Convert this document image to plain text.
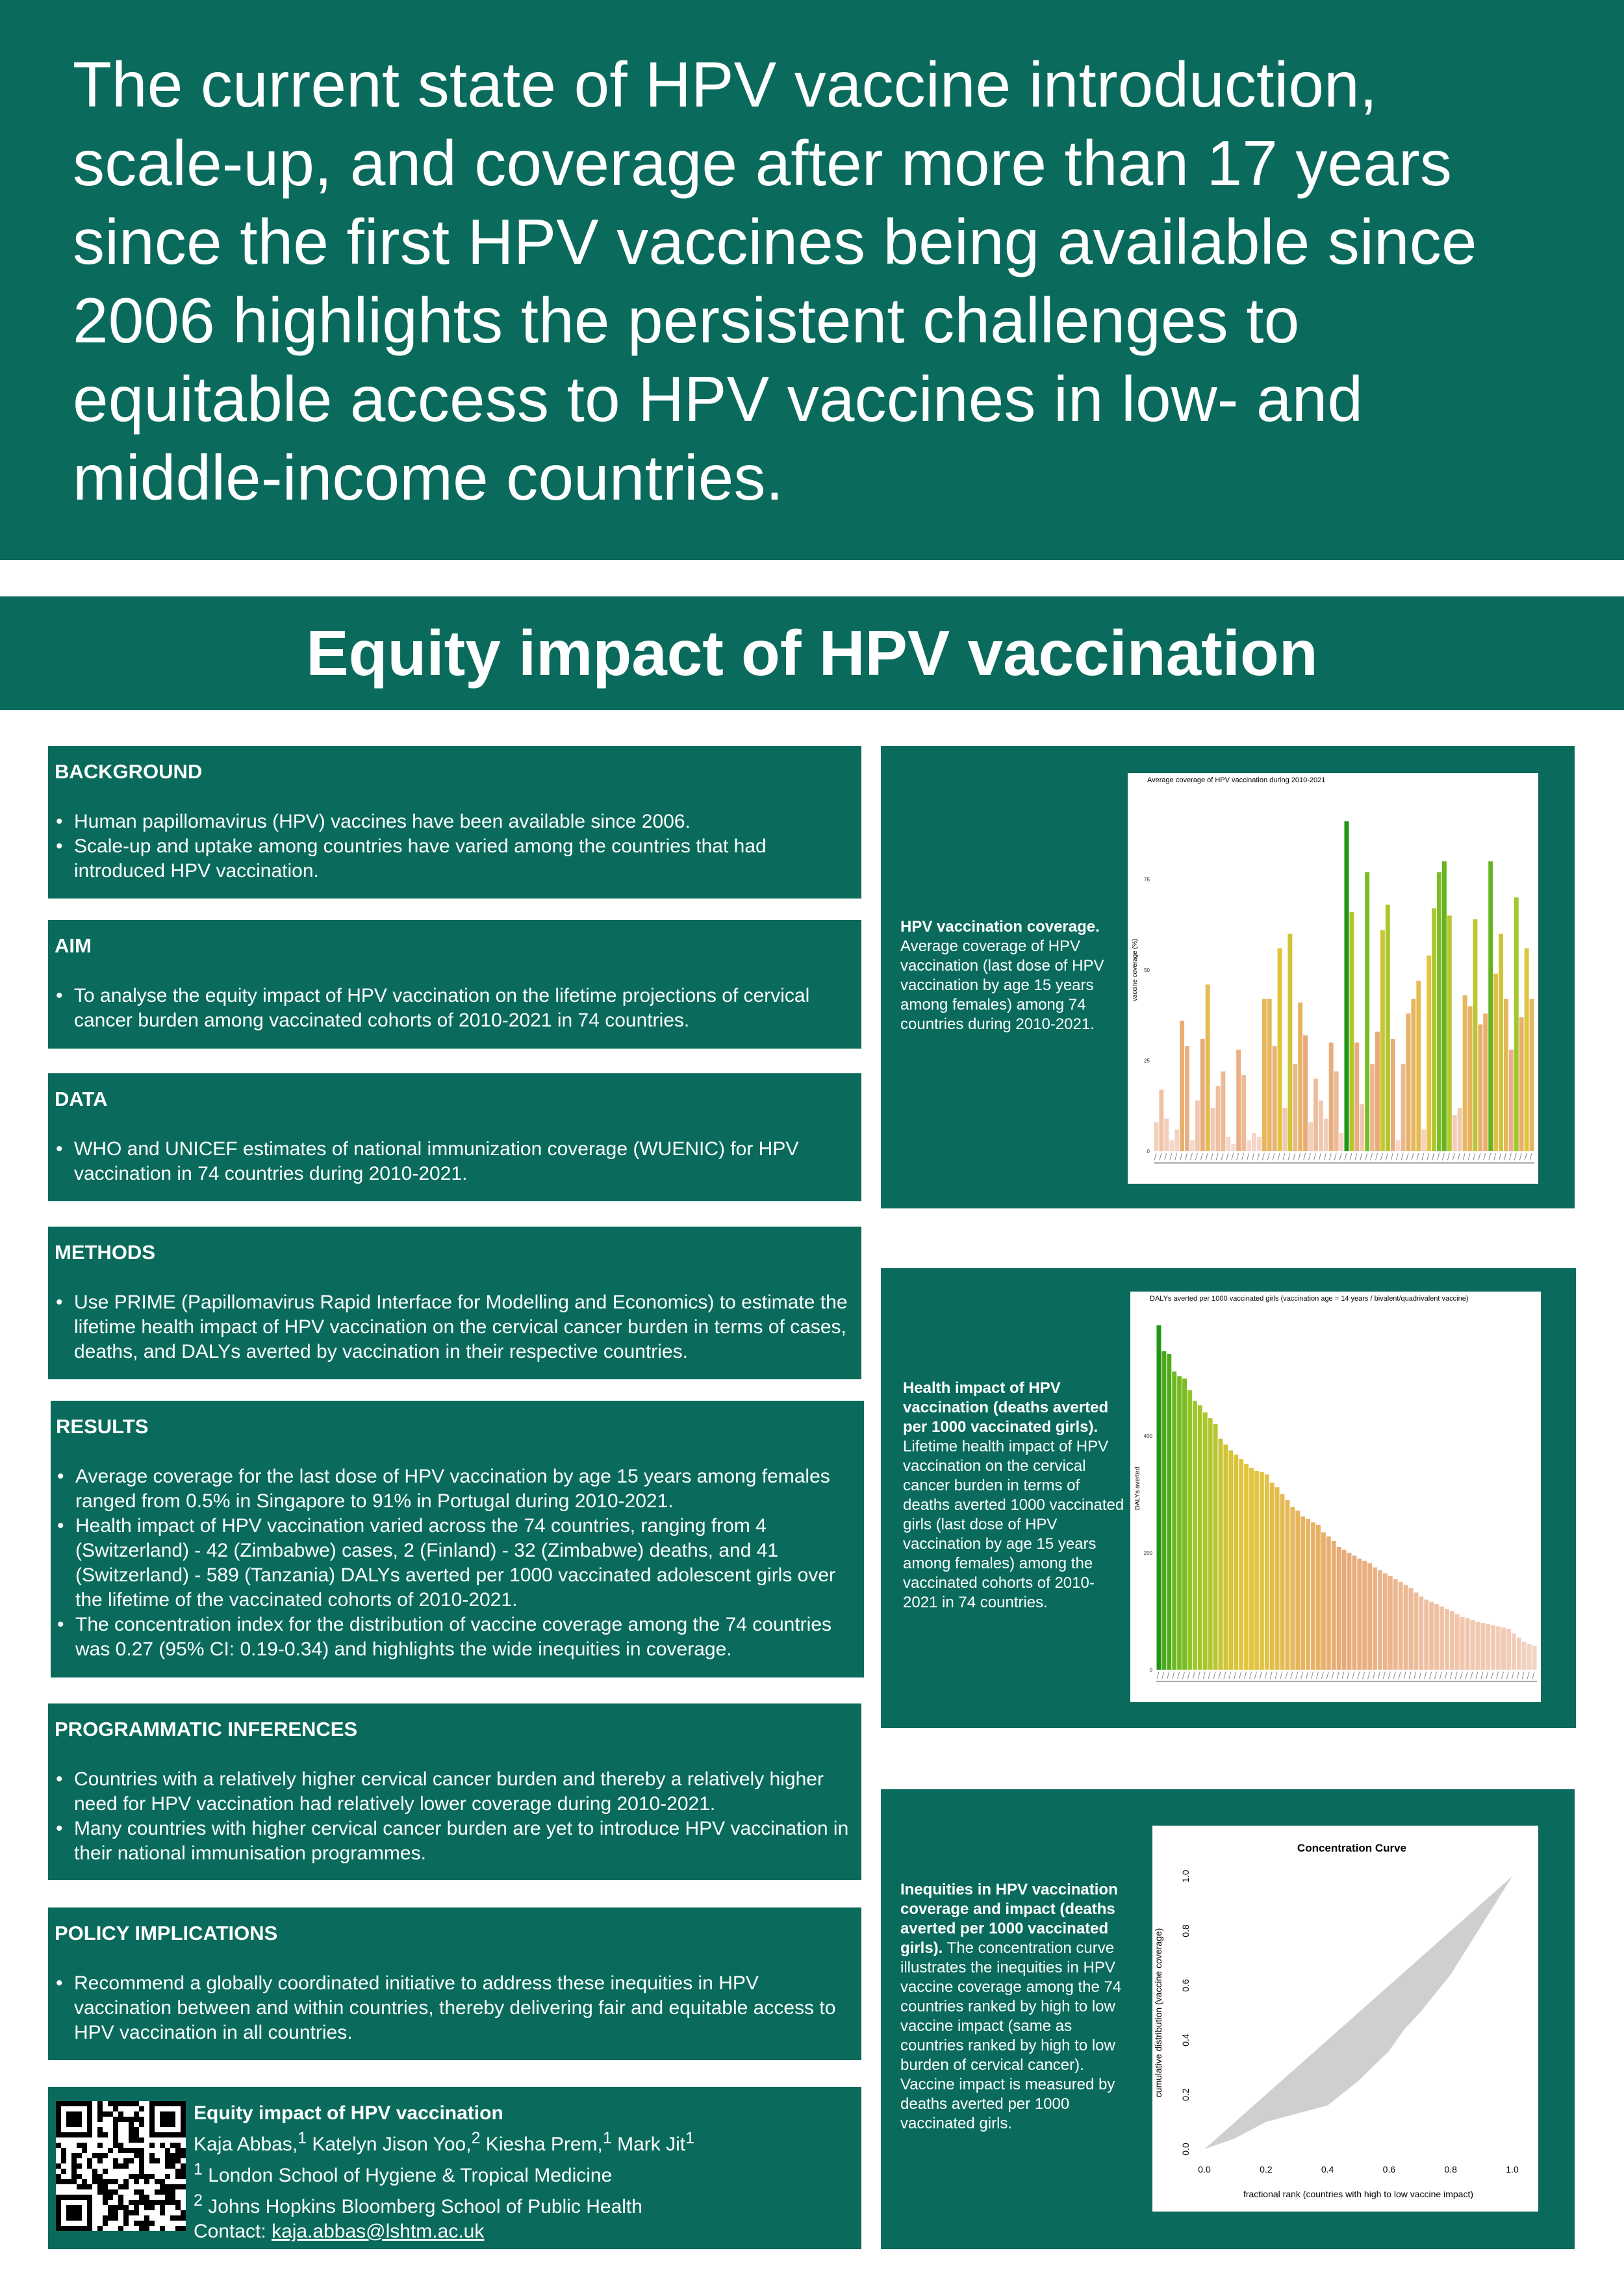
The current state of HPV vaccine introduction, scale-up, and coverage after more than 17 years since the first HPV vaccines being available since 2006 highlights the persistent challenges to equitable access to HPV vaccines in low- and middle-income countries.
Equity impact of HPV vaccination
BACKGROUND
• Human papillomavirus (HPV) vaccines have been available since 2006.
• Scale-up and uptake among countries have varied among the countries that had introduced HPV vaccination.
AIM
• To analyse the equity impact of HPV vaccination on the lifetime projections of cervical cancer burden among vaccinated cohorts of 2010-2021 in 74 countries.
DATA
• WHO and UNICEF estimates of national immunization coverage (WUENIC) for HPV vaccination in 74 countries during 2010-2021.
METHODS
• Use PRIME (Papillomavirus Rapid Interface for Modelling and Economics) to estimate the lifetime health impact of HPV vaccination on the cervical cancer burden in terms of cases, deaths, and DALYs averted by vaccination in their respective countries.
RESULTS
• Average coverage for the last dose of HPV vaccination by age 15 years among females ranged from 0.5% in Singapore to 91% in Portugal during 2010-2021.
• Health impact of HPV vaccination varied across the 74 countries, ranging from 4 (Switzerland) - 42 (Zimbabwe) cases, 2 (Finland) - 32 (Zimbabwe) deaths, and 41 (Switzerland) - 589 (Tanzania) DALYs averted per 1000 vaccinated adolescent girls over the lifetime of the vaccinated cohorts of 2010-2021.
• The concentration index for the distribution of vaccine coverage among the 74 countries was 0.27 (95% CI: 0.19-0.34) and highlights the wide inequities in coverage.
PROGRAMMATIC INFERENCES
• Countries with a relatively higher cervical cancer burden and thereby a relatively higher need for HPV vaccination had relatively lower coverage during 2010-2021.
• Many countries with higher cervical cancer burden are yet to introduce HPV vaccination in their national immunisation programmes.
POLICY IMPLICATIONS
• Recommend a globally coordinated initiative to address these inequities in HPV vaccination between and within countries, thereby delivering fair and equitable access to HPV vaccination in all countries.
Equity impact of HPV vaccination
Kaja Abbas,$^1$ Katelyn Jison Yoo,$^2$ Kiesha Prem,$^1$ Mark Jit$^1$
$^1$ London School of Hygiene & Tropical Medicine
$^2$ Johns Hopkins Bloomberg School of Public Health
Contact: kaja.abbas@lshtm.ac.uk

HPV vaccination coverage.
Average coverage of HPV vaccination (last dose of HPV vaccination by age 15 years among females) among 74 countries during 2010-2021.

Average coverage of HPV vaccination during 2010-2021
vaccine coverage (%)
0
25
50
75

Health impact of HPV vaccination (deaths averted per 1000 vaccinated girls).
Lifetime health impact of HPV vaccination on the cervical cancer burden in terms of deaths averted 1000 vaccinated girls (last dose of HPV vaccination by age 15 years among females) among the vaccinated cohorts of 2010-2021 in 74 countries.

DALYs averted per 1000 vaccinated girls (vaccination age = 14 years / bivalent/quadrivalent vaccine)
DALYs averted
0
200
400

Inequities in HPV vaccination coverage and impact (deaths averted per 1000 vaccinated girls). The concentration curve illustrates the inequities in HPV vaccine coverage among the 74 countries ranked by high to low vaccine impact (same as countries ranked by high to low burden of cervical cancer). Vaccine impact is measured by deaths averted per 1000 vaccinated girls.

Concentration Curve
0.0	0.2	0.4	0.6	0.8	1.0
0.0
0.2
0.4
0.6
0.8
1.0
fractional rank (countries with high to low vaccine impact)
cumulative distribution (vaccine coverage)
